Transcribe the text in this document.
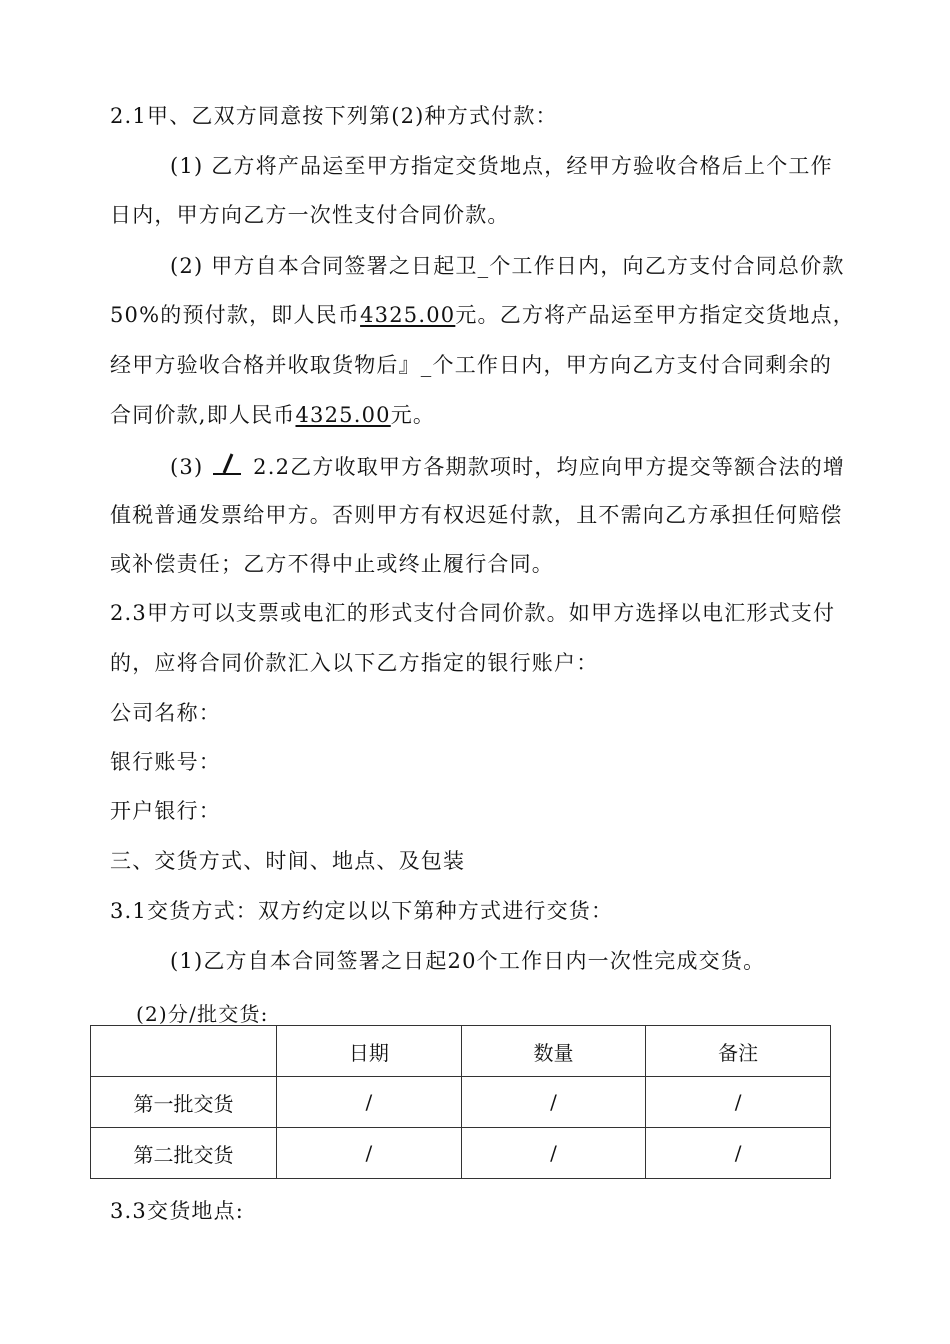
2.1甲、乙双方同意按下列第(2)种方式付款：
(1) 乙方将产品运至甲方指定交货地点，经甲方验收合格后上个工作
日内，甲方向乙方一次性支付合同价款。
(2) 甲方自本合同签署之日起卫_个工作日内，向乙方支付合同总价款
50%的预付款，即人民币4325.00元。乙方将产品运至甲方指定交货地点，
经甲方验收合格并收取货物后』_个工作日内，甲方向乙方支付合同剩余的
合同价款,即人民币4325.00元。
(3) 2.2乙方收取甲方各期款项时，均应向甲方提交等额合法的增
值税普通发票给甲方。否则甲方有权迟延付款，且不需向乙方承担任何赔偿
或补偿责任；乙方不得中止或终止履行合同。
2.3甲方可以支票或电汇的形式支付合同价款。如甲方选择以电汇形式支付
的，应将合同价款汇入以下乙方指定的银行账户：
公司名称：
银行账号：
开户银行：
三、交货方式、时间、地点、及包装
3.1交货方式：双方约定以以下第种方式进行交货：
(1)乙方自本合同签署之日起20个工作日内一次性完成交货。
(2)分/批交货:
	日期	数量	备注
第一批交货	/	/	/
第二批交货	/	/	/
3.3交货地点:
